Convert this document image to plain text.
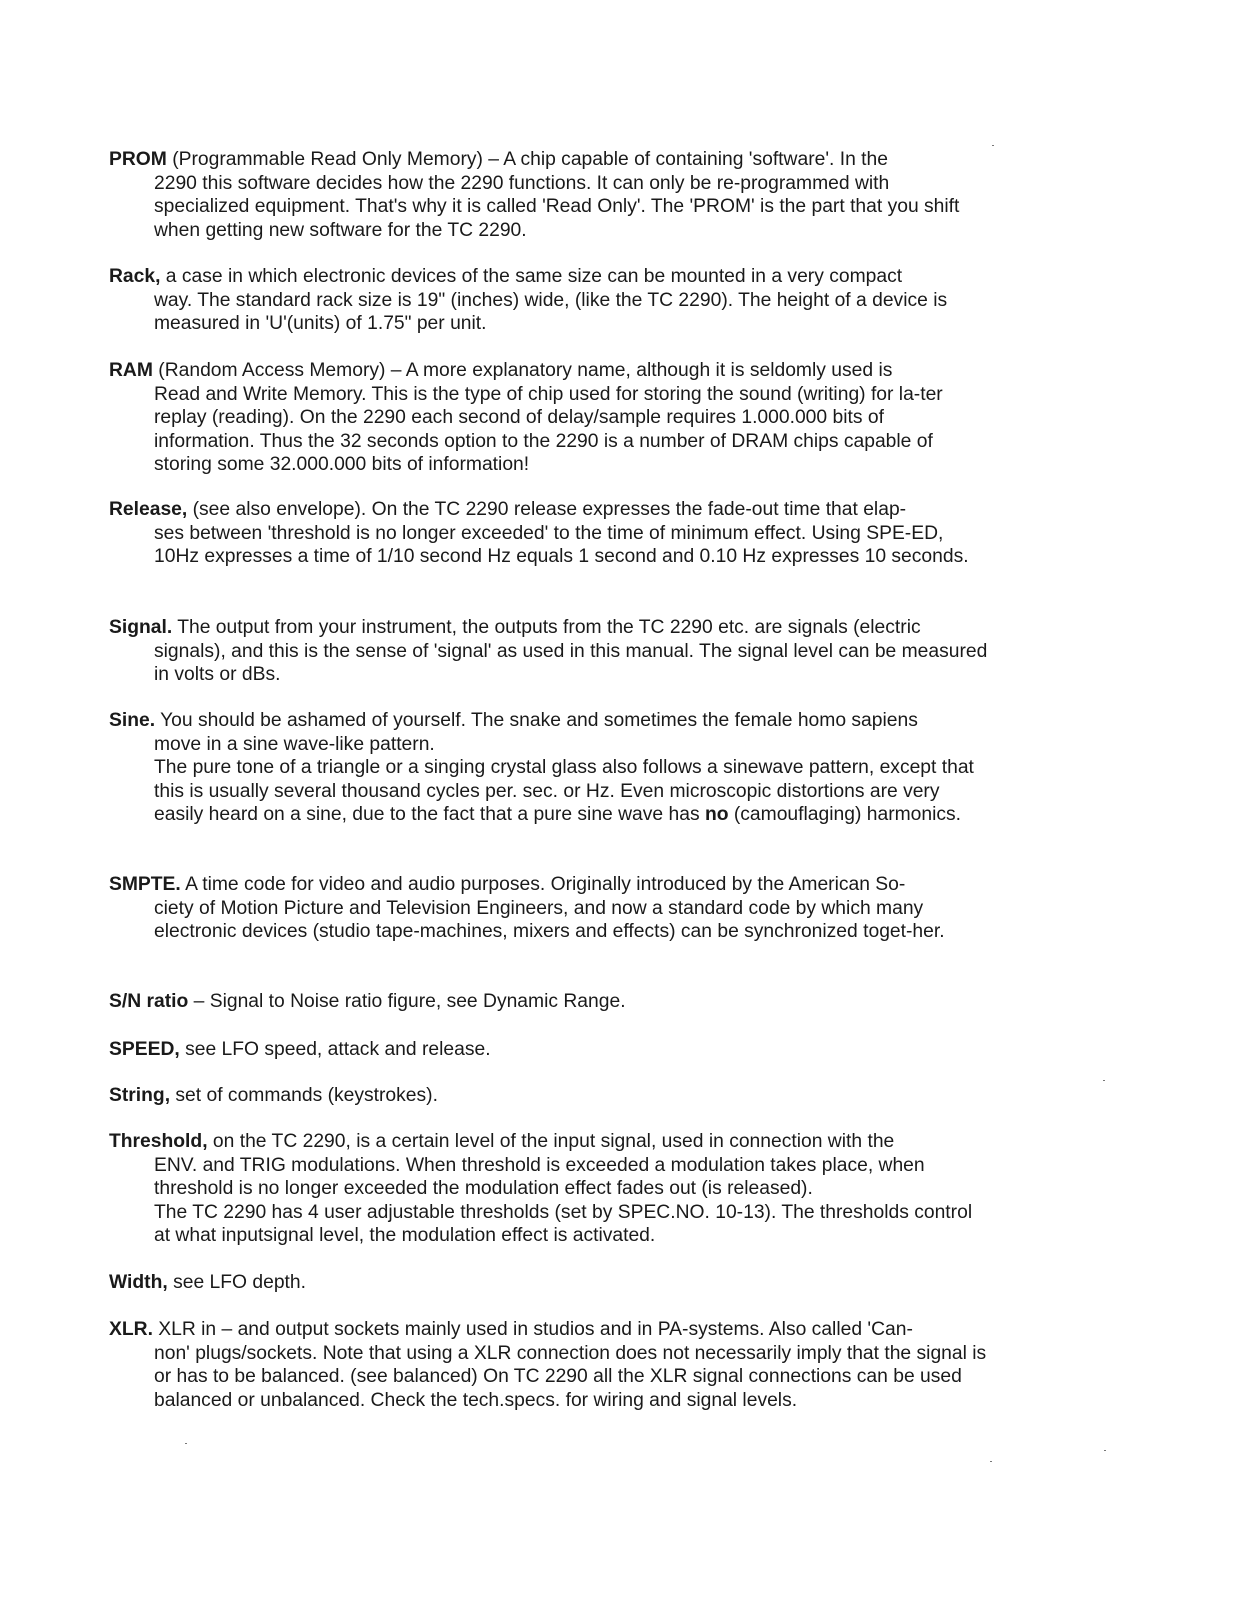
PROM (Programmable Read Only Memory) – A chip capable of containing 'software'. In the
2290 this software decides how the 2290 functions. It can only be re-programmed with specialized equipment. That's why it is called 'Read Only'. The 'PROM' is the part that you shift when getting new software for the TC 2290.
Rack, a case in which electronic devices of the same size can be mounted in a very compact
way. The standard rack size is 19" (inches) wide, (like the TC 2290). The height of a device is measured in 'U'(units) of 1.75" per unit.
RAM (Random Access Memory) – A more explanatory name, although it is seldomly used is
Read and Write Memory. This is the type of chip used for storing the sound (writing) for la-ter replay (reading). On the 2290 each second of delay/sample requires 1.000.000 bits of information. Thus the 32 seconds option to the 2290 is a number of DRAM chips capable of storing some 32.000.000 bits of information!
Release, (see also envelope). On the TC 2290 release expresses the fade-out time that elap-
ses between 'threshold is no longer exceeded' to the time of minimum effect. Using SPE-ED, 10Hz expresses a time of 1/10 second Hz equals 1 second and 0.10 Hz expresses 10 seconds.
Signal. The output from your instrument, the outputs from the TC 2290 etc. are signals (electric
signals), and this is the sense of 'signal' as used in this manual. The signal level can be measured in volts or dBs.
Sine. You should be ashamed of yourself. The snake and sometimes the female homo sapiens
move in a sine wave-like pattern.
The pure tone of a triangle or a singing crystal glass also follows a sinewave pattern, except that this is usually several thousand cycles per. sec. or Hz. Even microscopic distortions are very easily heard on a sine, due to the fact that a pure sine wave has no (camouflaging) harmonics.
SMPTE. A time code for video and audio purposes. Originally introduced by the American So-
ciety of Motion Picture and Television Engineers, and now a standard code by which many electronic devices (studio tape-machines, mixers and effects) can be synchronized toget-her.
S/N ratio – Signal to Noise ratio figure, see Dynamic Range.
SPEED, see LFO speed, attack and release.
String, set of commands (keystrokes).
Threshold, on the TC 2290, is a certain level of the input signal, used in connection with the
ENV. and TRIG modulations. When threshold is exceeded a modulation takes place, when threshold is no longer exceeded the modulation effect fades out (is released).
The TC 2290 has 4 user adjustable thresholds (set by SPEC.NO. 10-13). The thresholds control at what inputsignal level, the modulation effect is activated.
Width, see LFO depth.
XLR. XLR in – and output sockets mainly used in studios and in PA-systems. Also called 'Can-
non' plugs/sockets. Note that using a XLR connection does not necessarily imply that the signal is or has to be balanced. (see balanced) On TC 2290 all the XLR signal connections can be used balanced or unbalanced. Check the tech.specs. for wiring and signal levels.
